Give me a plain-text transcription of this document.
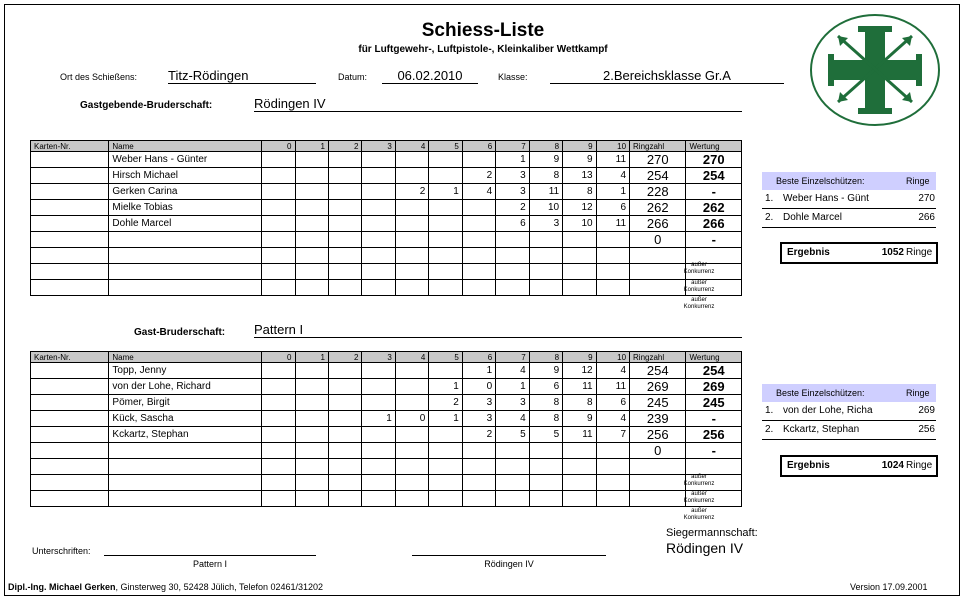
Schiess-Liste
für Luftgewehr-, Luftpistole-, Kleinkaliber Wettkampf
Ort des Schießens: Titz-Rödingen	Datum:	06.02.2010	Klasse:	2.Bereichsklasse Gr.A
Gastgebende-Bruderschaft:	Rödingen IV
Karten-Nr.	Name	0	1	2	3	4	5	6	7	8	9	10	Ringzahl	Wertung
	Weber Hans - Günter								1	9	9	11	270	270
	Hirsch Michael							2	3	8	13	4	254	254
	Gerken Carina					2	1	4	3	11	8	1	228	-
	Mielke Tobias								2	10	12	6	262	262
	Dohle Marcel								6	3	10	11	266	266
													0	-

außer
Konkurrenz
außer
Konkurrenz
außer
Konkurrenz
Beste Einzelschützen:	Ringe
1. Weber Hans - Günt	270
2. Dohle Marcel	266
Ergebnis	1052 Ringe
Gast-Bruderschaft: Pattern I
Karten-Nr.	Name	0	1	2	3	4	5	6	7	8	9	10	Ringzahl	Wertung
	Topp, Jenny							1	4	9	12	4	254	254
	von der Lohe, Richard						1	0	1	6	11	11	269	269
	Pömer, Birgit						2	3	3	8	8	6	245	245
	Kück, Sascha				1	0	1	3	4	8	9	4	239	-
	Kckartz, Stephan							2	5	5	11	7	256	256
													0	-

außer
Konkurrenz
außer
Konkurrenz
außer
Konkurrenz
Beste Einzelschützen:	Ringe
1. von der Lohe, Richa	269
2. Kckartz, Stephan	256
Ergebnis	1024 Ringe
Siegermannschaft:
Rödingen IV
Unterschriften:
Pattern I	Rödingen IV
Dipl.-Ing. Michael Gerken, Ginsterweg 30, 52428 Jülich, Telefon 02461/31202	Version 17.09.2001
